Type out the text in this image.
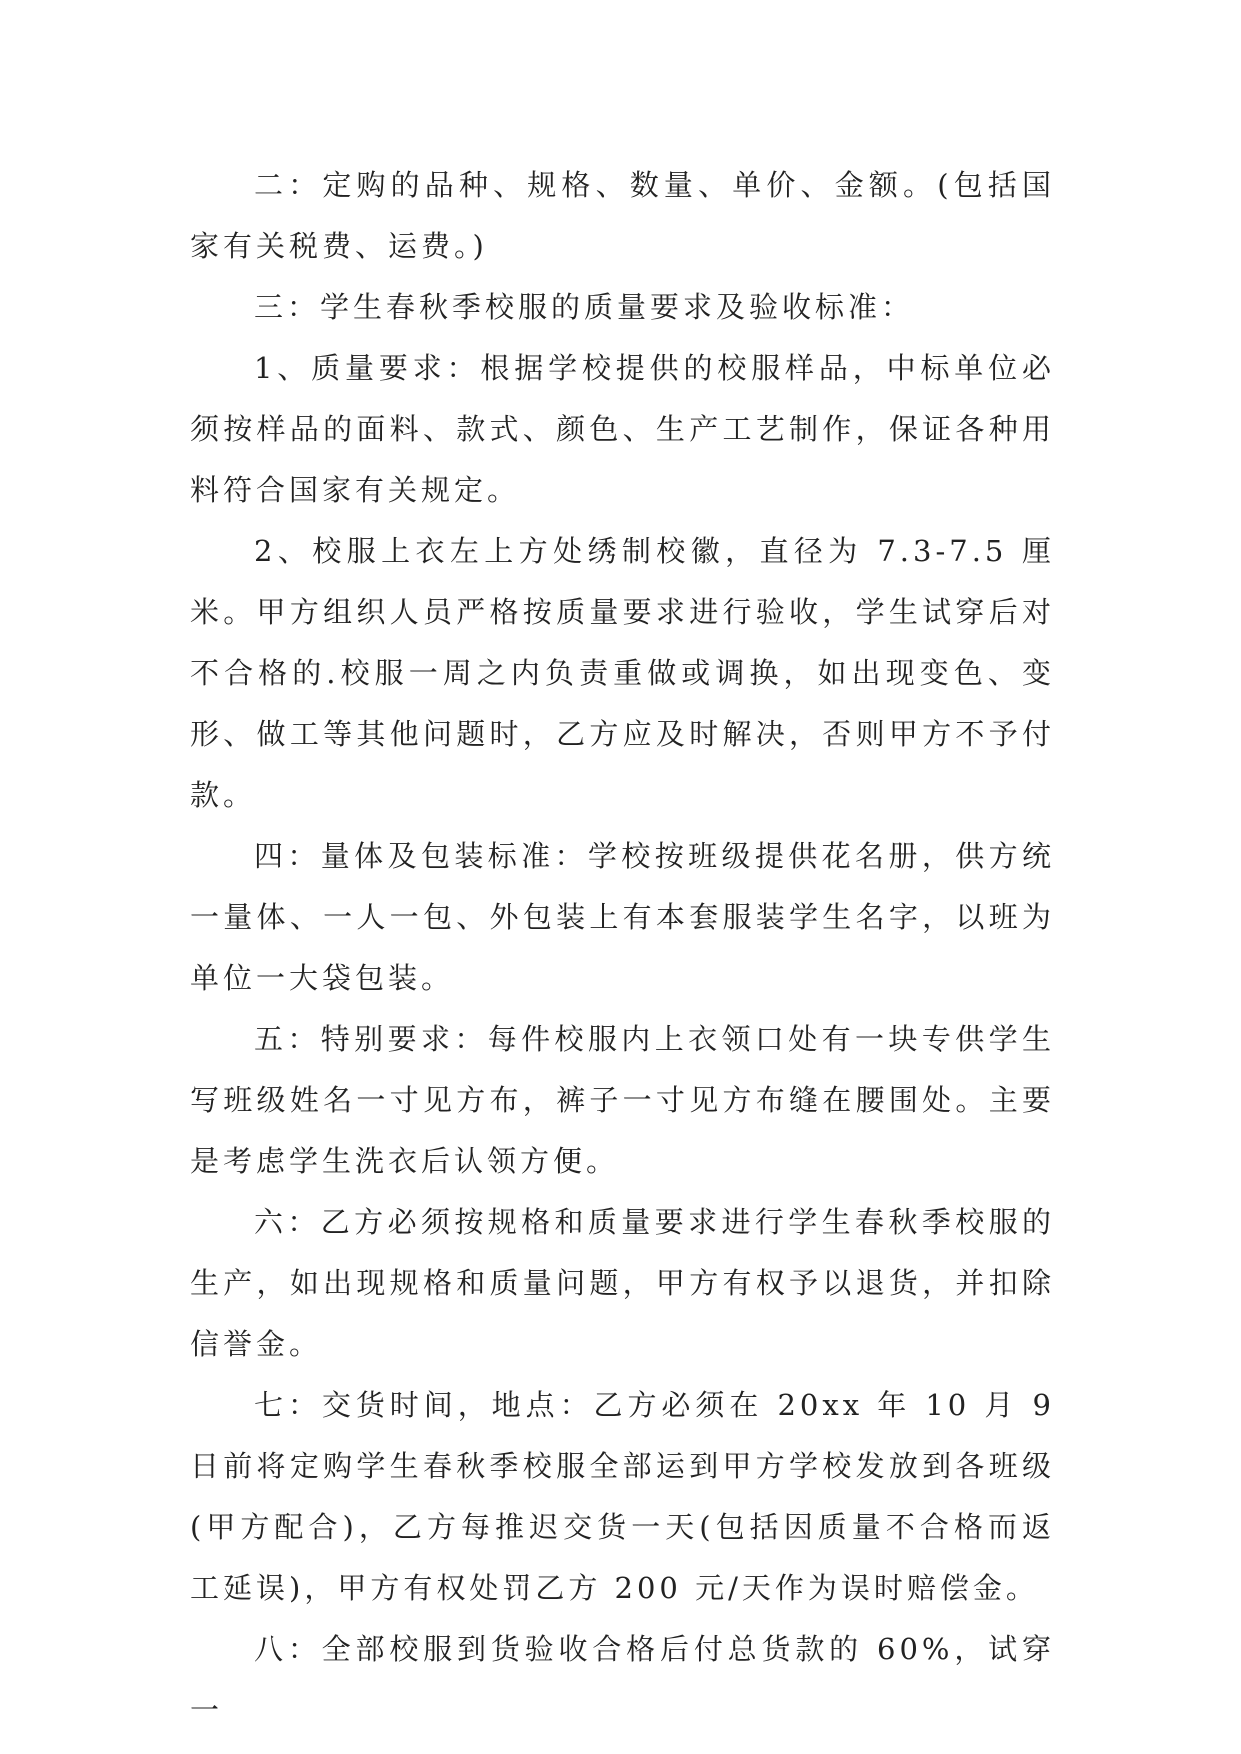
二：定购的品种、规格、数量、单价、金额。(包括国家有关税费、运费。)

三：学生春秋季校服的质量要求及验收标准：

1、质量要求：根据学校提供的校服样品，中标单位必须按样品的面料、款式、颜色、生产工艺制作，保证各种用料符合国家有关规定。

2、校服上衣左上方处绣制校徽，直径为 7.3-7.5 厘米。甲方组织人员严格按质量要求进行验收，学生试穿后对不合格的.校服一周之内负责重做或调换，如出现变色、变形、做工等其他问题时，乙方应及时解决，否则甲方不予付款。

四：量体及包装标准：学校按班级提供花名册，供方统一量体、一人一包、外包装上有本套服装学生名字，以班为单位一大袋包装。

五：特别要求：每件校服内上衣领口处有一块专供学生写班级姓名一寸见方布，裤子一寸见方布缝在腰围处。主要是考虑学生洗衣后认领方便。

六：乙方必须按规格和质量要求进行学生春秋季校服的生产，如出现规格和质量问题，甲方有权予以退货，并扣除信誉金。

七：交货时间，地点：乙方必须在 20xx 年 10 月 9 日前将定购学生春秋季校服全部运到甲方学校发放到各班级(甲方配合)，乙方每推迟交货一天(包括因质量不合格而返工延误)，甲方有权处罚乙方 200 元/天作为误时赔偿金。

八：全部校服到货验收合格后付总货款的 60%，试穿一
